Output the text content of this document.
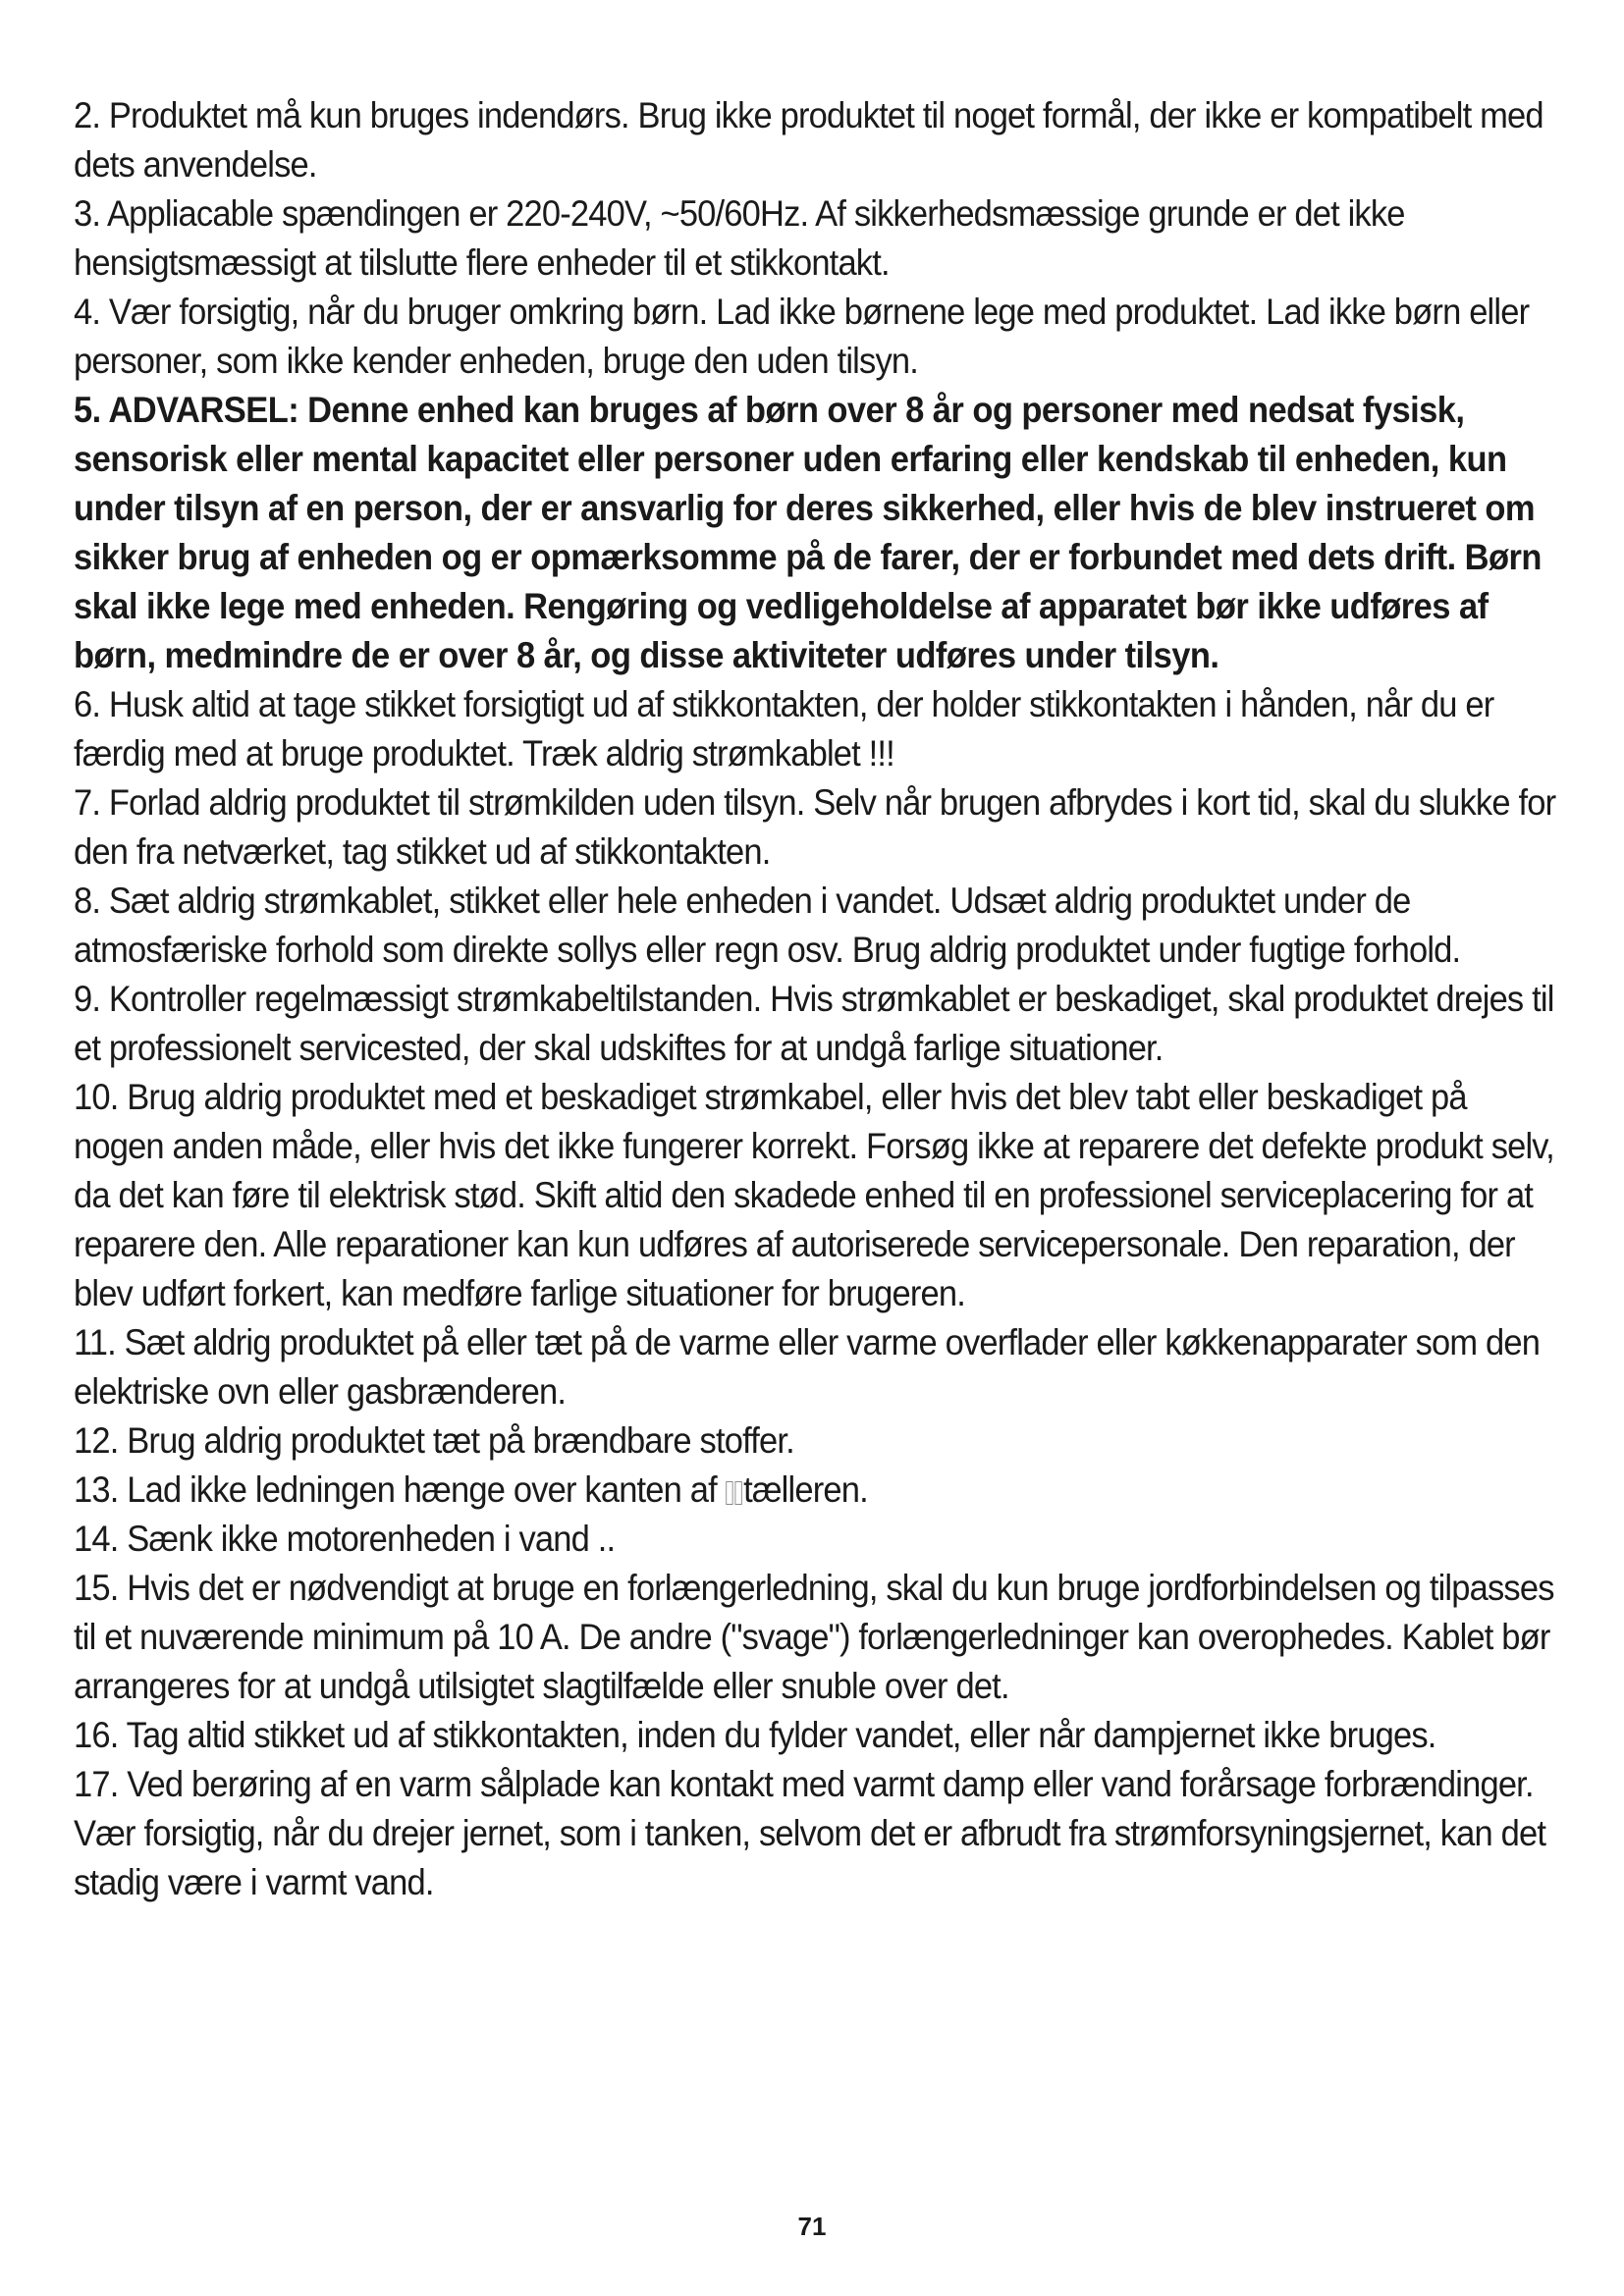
2. Produktet må kun bruges indendørs. Brug ikke produktet til noget formål, der ikke er kompatibelt med dets anvendelse.

3. Appliacable spændingen er 220-240V, ~50/60Hz. Af sikkerhedsmæssige grunde er det ikke hensigtsmæssigt at tilslutte flere enheder til et stikkontakt.

4. Vær forsigtig, når du bruger omkring børn. Lad ikke børnene lege med produktet. Lad ikke børn eller personer, som ikke kender enheden, bruge den uden tilsyn.

5. ADVARSEL: Denne enhed kan bruges af børn over 8 år og personer med nedsat fysisk, sensorisk eller mental kapacitet eller personer uden erfaring eller kendskab til enheden, kun under tilsyn af en person, der er ansvarlig for deres sikkerhed, eller hvis de blev instrueret om sikker brug af enheden og er opmærksomme på de farer, der er forbundet med dets drift. Børn skal ikke lege med enheden. Rengøring og vedligeholdelse af apparatet bør ikke udføres af børn, medmindre de er over 8 år, og disse aktiviteter udføres under tilsyn.

6. Husk altid at tage stikket forsigtigt ud af stikkontakten, der holder stikkontakten i hånden, når du er færdig med at bruge produktet. Træk aldrig strømkablet !!!

7. Forlad aldrig produktet til strømkilden uden tilsyn. Selv når brugen afbrydes i kort tid, skal du slukke for den fra netværket, tag stikket ud af stikkontakten.

8. Sæt aldrig strømkablet, stikket eller hele enheden i vandet. Udsæt aldrig produktet under de atmosfæriske forhold som direkte sollys eller regn osv. Brug aldrig produktet under fugtige forhold.

9. Kontroller regelmæssigt strømkabeltilstanden. Hvis strømkablet er beskadiget, skal produktet drejes til et professionelt servicested, der skal udskiftes for at undgå farlige situationer.

10. Brug aldrig produktet med et beskadiget strømkabel, eller hvis det blev tabt eller beskadiget på nogen anden måde, eller hvis det ikke fungerer korrekt. Forsøg ikke at reparere det defekte produkt selv, da det kan føre til elektrisk stød. Skift altid den skadede enhed til en professionel serviceplacering for at reparere den. Alle reparationer kan kun udføres af autoriserede servicepersonale. Den reparation, der blev udført forkert, kan medføre farlige situationer for brugeren.

11. Sæt aldrig produktet på eller tæt på de varme eller varme overflader eller køkkenapparater som den elektriske ovn eller gasbrænderen.

12. Brug aldrig produktet tæt på brændbare stoffer.

13. Lad ikke ledningen hænge over kanten af tælleren.

14. Sænk ikke motorenheden i vand ..

15. Hvis det er nødvendigt at bruge en forlængerledning, skal du kun bruge jordforbindelsen og tilpasses til et nuværende minimum på 10 A. De andre ("svage") forlængerledninger kan overophedes. Kablet bør arrangeres for at undgå utilsigtet slagtilfælde eller snuble over det.

16. Tag altid stikket ud af stikkontakten, inden du fylder vandet, eller når dampjernet ikke bruges.

17. Ved berøring af en varm sålplade kan kontakt med varmt damp eller vand forårsage forbrændinger. Vær forsigtig, når du drejer jernet, som i tanken, selvom det er afbrudt fra strømforsyningsjernet, kan det stadig være i varmt vand.

71
